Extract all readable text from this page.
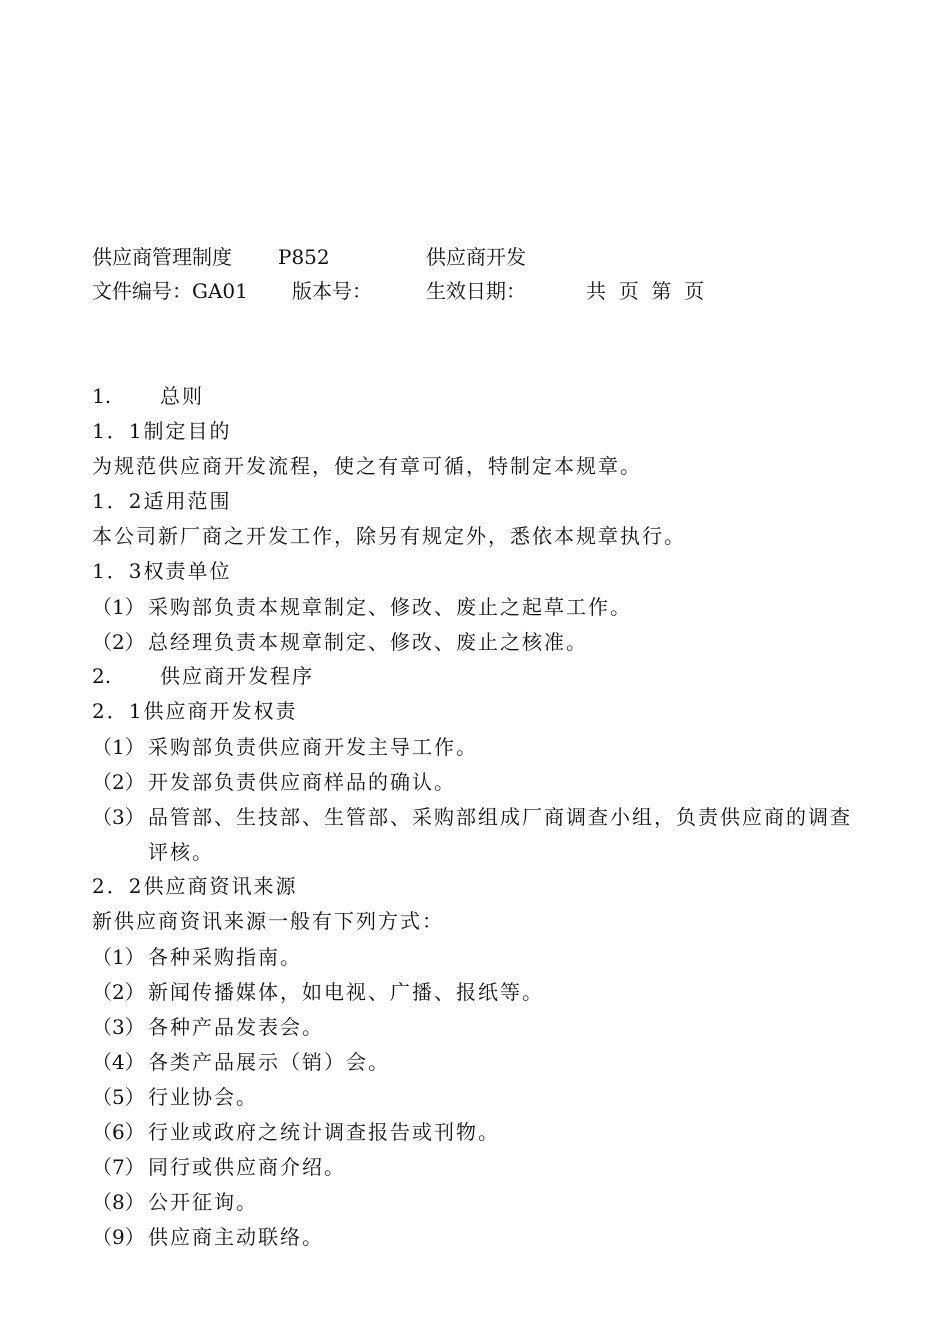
供应商管理制度 P852	供应商开发
文件编号：GA01 版本号：	生效日期：	共  页  第  页
1. 总则
1．1制定目的
为规范供应商开发流程，使之有章可循，特制定本规章。
1．2适用范围
本公司新厂商之开发工作，除另有规定外，悉依本规章执行。
1．3权责单位
（1） 采购部负责本规章制定、修改、废止之起草工作。
（2） 总经理负责本规章制定、修改、废止之核准。
2. 供应商开发程序
2．1供应商开发权责
（1） 采购部负责供应商开发主导工作。
（2） 开发部负责供应商样品的确认。
（3） 品管部、生技部、生管部、采购部组成厂商调查小组，负责供应商的调查评核。
2．2供应商资讯来源
新供应商资讯来源一般有下列方式：
（1） 各种采购指南。
（2） 新闻传播媒体，如电视、广播、报纸等。
（3） 各种产品发表会。
（4） 各类产品展示（销）会。
（5） 行业协会。
（6） 行业或政府之统计调查报告或刊物。
（7） 同行或供应商介绍。
（8） 公开征询。
（9） 供应商主动联络。
